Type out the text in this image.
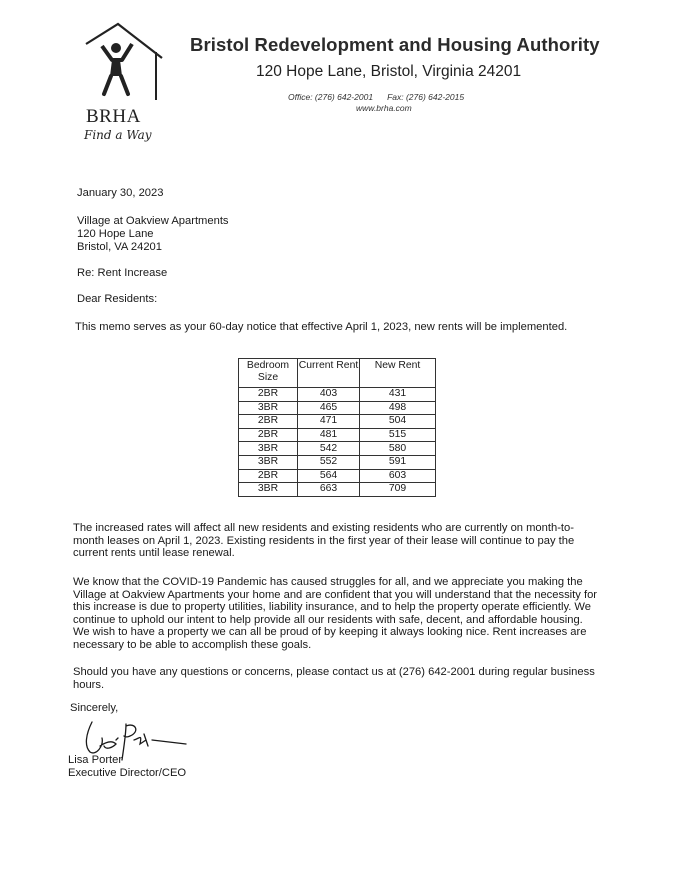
BRHA
Find a Way
Bristol Redevelopment and Housing Authority
120 Hope Lane, Bristol, Virginia 24201
Office: (276) 642-2001 Fax: (276) 642-2015
www.brha.com
January 30, 2023
Village at Oakview Apartments
120 Hope Lane
Bristol, VA 24201
Re: Rent Increase
Dear Residents:
This memo serves as your 60-day notice that effective April 1, 2023, new rents will be implemented.
Bedroom Size	Current Rent	New Rent
2BR	403	431
3BR	465	498
2BR	471	504
2BR	481	515
3BR	542	580
3BR	552	591
2BR	564	603
3BR	663	709
The increased rates will affect all new residents and existing residents who are currently on month-to-month leases on April 1, 2023. Existing residents in the first year of their lease will continue to pay the current rents until lease renewal.
We know that the COVID-19 Pandemic has caused struggles for all, and we appreciate you making the Village at Oakview Apartments your home and are confident that you will understand that the necessity for this increase is due to property utilities, liability insurance, and to help the property operate efficiently. We continue to uphold our intent to help provide all our residents with safe, decent, and affordable housing. We wish to have a property we can all be proud of by keeping it always looking nice. Rent increases are necessary to be able to accomplish these goals.
Should you have any questions or concerns, please contact us at (276) 642-2001 during regular business hours.
Sincerely,
Lisa Porter
Executive Director/CEO
